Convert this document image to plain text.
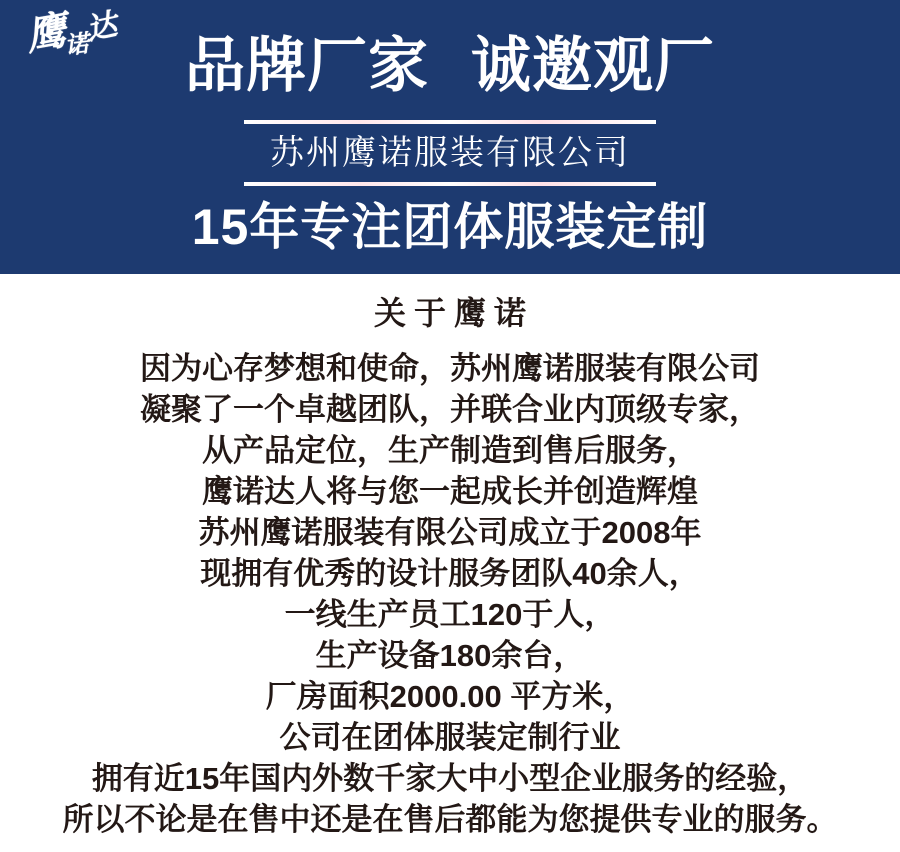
鹰诺达
品牌厂家 诚邀观厂
苏州鹰诺服装有限公司
15年专注团体服装定制
关于鹰诺
因为心存梦想和使命，苏州鹰诺服装有限公司
凝聚了一个卓越团队，并联合业内顶级专家，
从产品定位，生产制造到售后服务，
鹰诺达人将与您一起成长并创造辉煌
苏州鹰诺服装有限公司成立于2008年
现拥有优秀的设计服务团队40余人，
一线生产员工120于人，
生产设备180余台，
厂房面积2000.00 平方米，
公司在团体服装定制行业
拥有近15年国内外数千家大中小型企业服务的经验，
所以不论是在售中还是在售后都能为您提供专业的服务。
